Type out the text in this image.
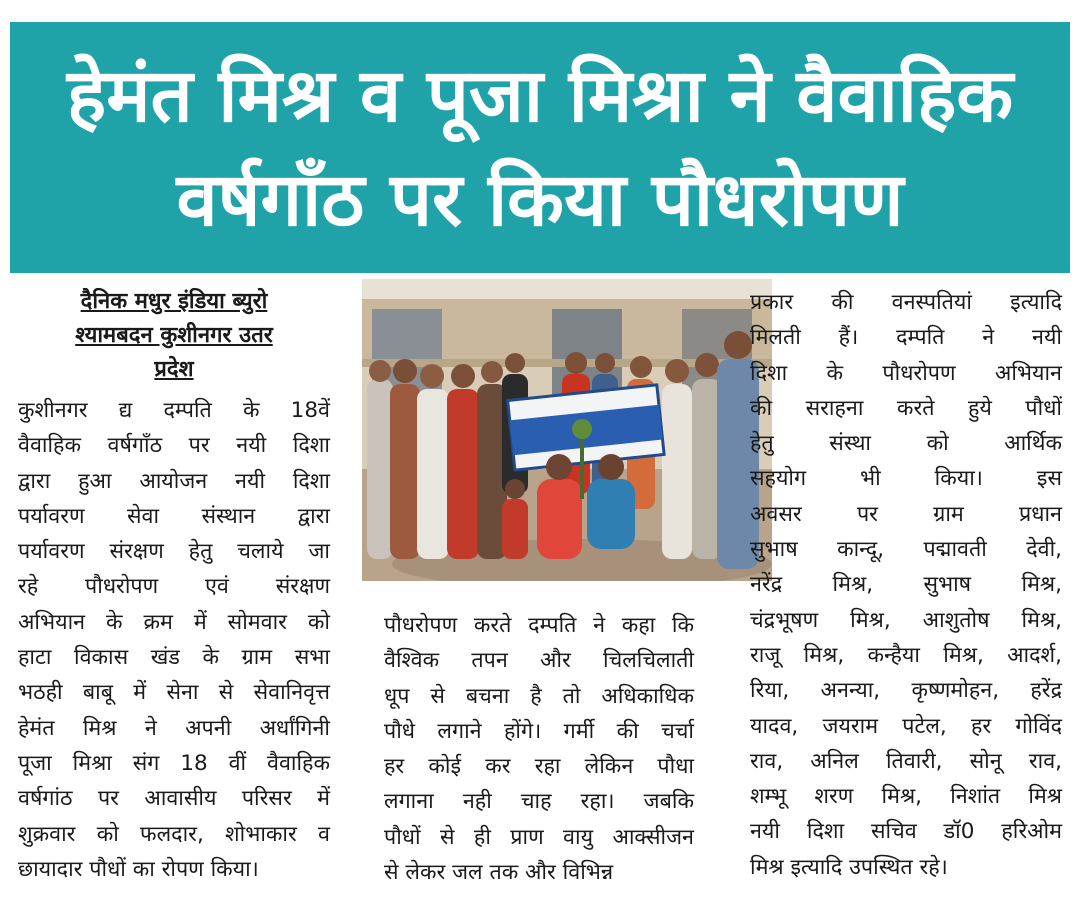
हेमंत मिश्र व पूजा मिश्रा ने वैवाहिक
वर्षगाँठ पर किया पौधरोपण
दैनिक मधुर इंडिया ब्युरो
श्यामबदन कुशीनगर उतर
प्रदेश
कुशीनगर द्य दम्पति के 18वें
वैवाहिक वर्षगाँठ पर नयी दिशा
द्वारा हुआ आयोजन नयी दिशा
पर्यावरण सेवा संस्थान द्वारा
पर्यावरण संरक्षण हेतु चलाये जा
रहे पौधरोपण एवं संरक्षण
अभियान के क्रम में सोमवार को
हाटा विकास खंड के ग्राम सभा
भठही बाबू में सेना से सेवानिवृत्त
हेमंत मिश्र ने अपनी अर्धांगिनी
पूजा मिश्रा संग 18 वीं वैवाहिक
वर्षगांठ पर आवासीय परिसर में
शुक्रवार को फलदार, शोभाकार व
छायादार पौधों का रोपण किया।
पौधरोपण करते दम्पति ने कहा कि
वैश्विक तपन और चिलचिलाती
धूप से बचना है तो अधिकाधिक
पौधे लगाने होंगे। गर्मी की चर्चा
हर कोई कर रहा लेकिन पौधा
लगाना नही चाह रहा। जबकि
पौधों से ही प्राण वायु आक्सीजन
से लेकर जल तक और विभिन्न
प्रकार की वनस्पतियां इत्यादि
मिलती हैं। दम्पति ने नयी
दिशा के पौधरोपण अभियान
की सराहना करते हुये पौधों
हेतु संस्था को आर्थिक
सहयोग भी किया। इस
अवसर पर ग्राम प्रधान
सुभाष कान्दू, पद्मावती देवी,
नरेंद्र मिश्र, सुभाष मिश्र,
चंद्रभूषण मिश्र, आशुतोष मिश्र,
राजू मिश्र, कन्हैया मिश्र, आदर्श,
रिया, अनन्या, कृष्णमोहन, हरेंद्र
यादव, जयराम पटेल, हर गोविंद
राव, अनिल तिवारी, सोनू राव,
शम्भू शरण मिश्र, निशांत मिश्र
नयी दिशा सचिव डॉ0 हरिओम
मिश्र इत्यादि उपस्थित रहे।
